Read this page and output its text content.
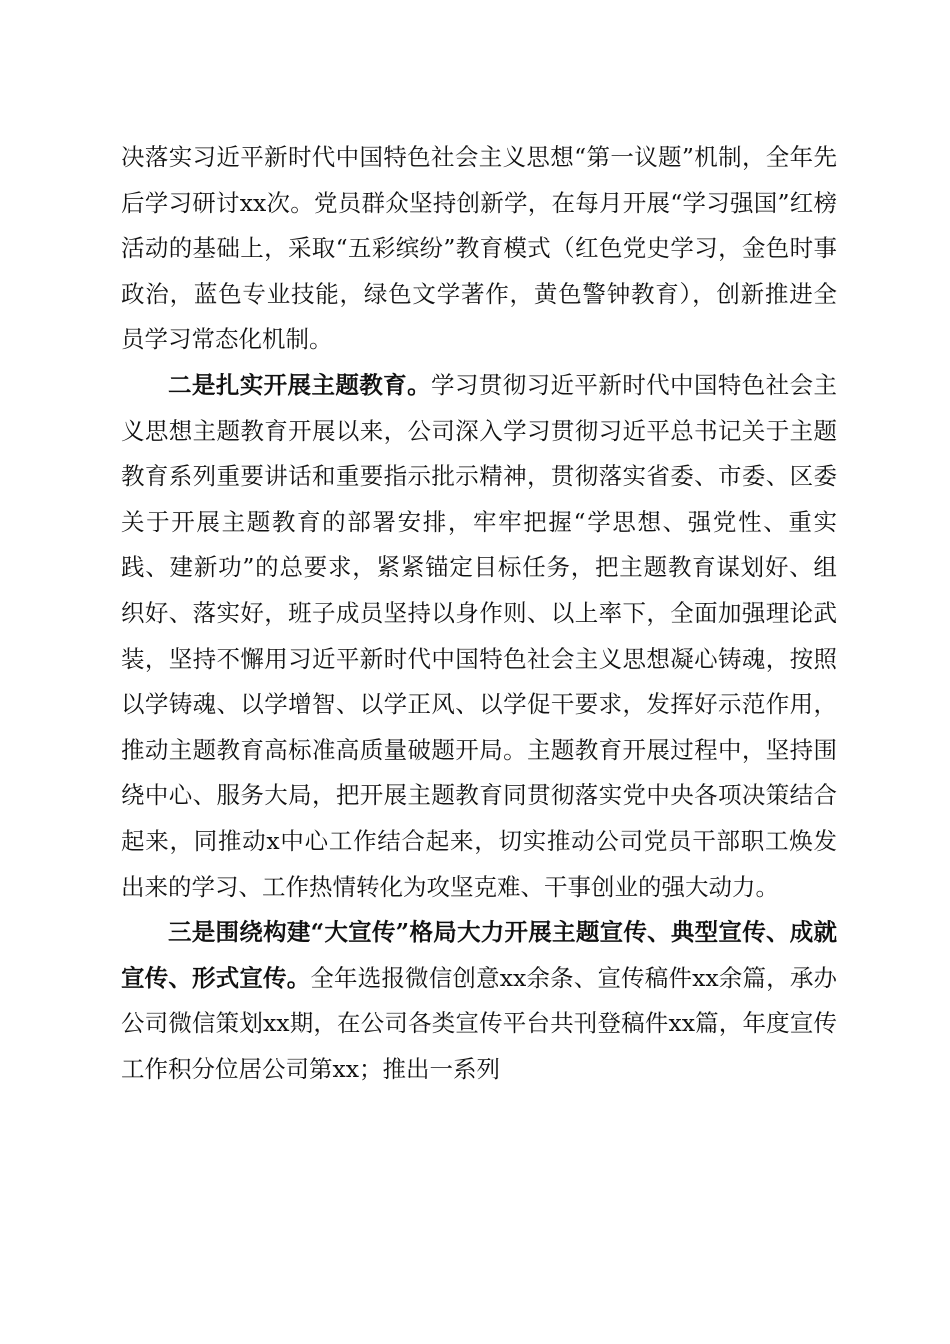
决落实习近平新时代中国特色社会主义思想“第一议题”机制，全年先后学习研讨xx次。党员群众坚持创新学，在每月开展“学习强国”红榜活动的基础上，采取“五彩缤纷”教育模式（红色党史学习，金色时事政治，蓝色专业技能，绿色文学著作，黄色警钟教育），创新推进全员学习常态化机制。

二是扎实开展主题教育。学习贯彻习近平新时代中国特色社会主义思想主题教育开展以来，公司深入学习贯彻习近平总书记关于主题教育系列重要讲话和重要指示批示精神，贯彻落实省委、市委、区委关于开展主题教育的部署安排，牢牢把握“学思想、强党性、重实践、建新功”的总要求，紧紧锚定目标任务，把主题教育谋划好、组织好、落实好，班子成员坚持以身作则、以上率下，全面加强理论武装，坚持不懈用习近平新时代中国特色社会主义思想凝心铸魂，按照以学铸魂、以学增智、以学正风、以学促干要求，发挥好示范作用，推动主题教育高标准高质量破题开局。主题教育开展过程中，坚持围绕中心、服务大局，把开展主题教育同贯彻落实党中央各项决策结合起来，同推动x中心工作结合起来，切实推动公司党员干部职工焕发出来的学习、工作热情转化为攻坚克难、干事创业的强大动力。

三是围绕构建“大宣传”格局大力开展主题宣传、典型宣传、成就宣传、形式宣传。全年选报微信创意xx余条、宣传稿件xx余篇，承办公司微信策划xx期，在公司各类宣传平台共刊登稿件xx篇，年度宣传工作积分位居公司第xx；推出一系列
